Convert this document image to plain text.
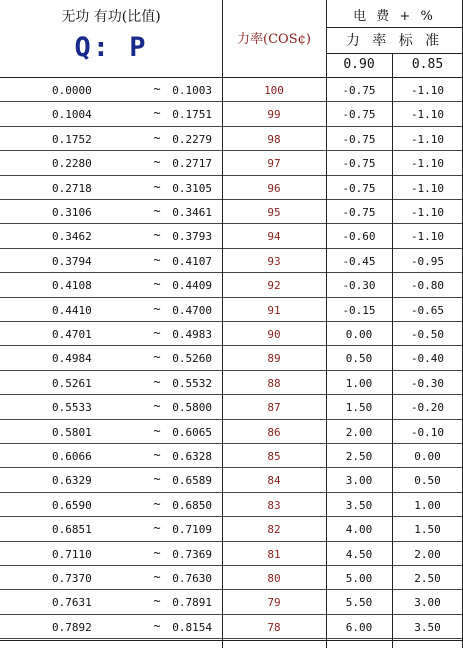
无功 有功(比值)
Q: P	力率(COS¢)
电 费 + %
力 率 标 准
0.90	0.85
0.0000	~	0.1003	100	-0.75	-1.10
0.1004	~	0.1751	99	-0.75	-1.10
0.1752	~	0.2279	98	-0.75	-1.10
0.2280	~	0.2717	97	-0.75	-1.10
0.2718	~	0.3105	96	-0.75	-1.10
0.3106	~	0.3461	95	-0.75	-1.10
0.3462	~	0.3793	94	-0.60	-1.10
0.3794	~	0.4107	93	-0.45	-0.95
0.4108	~	0.4409	92	-0.30	-0.80
0.4410	~	0.4700	91	-0.15	-0.65
0.4701	~	0.4983	90	0.00	-0.50
0.4984	~	0.5260	89	0.50	-0.40
0.5261	~	0.5532	88	1.00	-0.30
0.5533	~	0.5800	87	1.50	-0.20
0.5801	~	0.6065	86	2.00	-0.10
0.6066	~	0.6328	85	2.50	0.00
0.6329	~	0.6589	84	3.00	0.50
0.6590	~	0.6850	83	3.50	1.00
0.6851	~	0.7109	82	4.00	1.50
0.7110	~	0.7369	81	4.50	2.00
0.7370	~	0.7630	80	5.00	2.50
0.7631	~	0.7891	79	5.50	3.00
0.7892	~	0.8154	78	6.00	3.50
